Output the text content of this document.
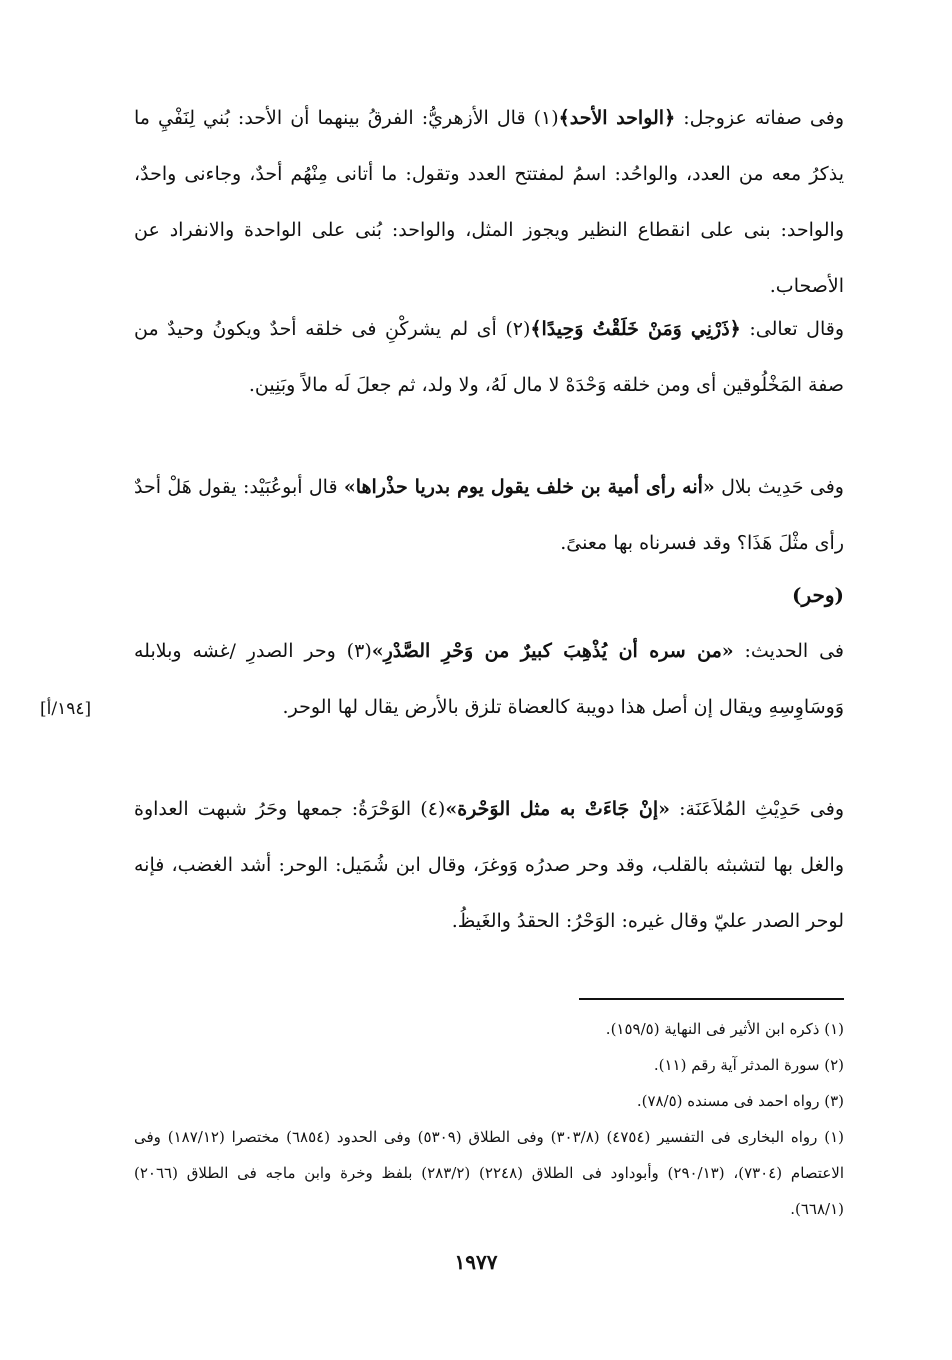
وفى صفاته عزوجل: ﴿الواحد الأحد﴾(١) قال الأزهريُّ: الفرقُ بينهما أن الأحد: بُني لِنَفْيِ ما يذكرُ معه من العدد، والواحُد: اسمُ لمفتتح العدد وتقول: ما أتانى مِنْهُم أحدٌ، وجاءنى واحدٌ، والواحد: بنى على انقطاع النظير ويجوز المثل، والواحد: بُنى على الواحدة والانفراد عن الأصحاب.

وقال تعالى: ﴿ذَرْنِي وَمَنْ خَلَقْتُ وَحِيدًا﴾(٢) أى لم يشركْنِ فى خلقه أحدٌ ويكونُ وحيدٌ من صفة المَخْلُوقين أى ومن خلقه وَحْدَهْ لا مال لَهُ، ولا ولد، ثم جعلَ لَه مالاً وبَنِين.

وفى حَدِيث بلال «أنه رأى أمية بن خلف يقول يوم بدريا حذْراها» قال أبوعُبَيْد: يقول هَلْ أحدٌ رأى مثْلَ هَذَا؟ وقد فسرناه بها معنىً.

(وحر)

فى الحديث: «من سره أن يُذْهِبَ كبيرٌ من وَحْرِ الصَّدْرِ»(٣) وحر الصدرِ /غشه وبلابله وَوسَاوِسِهِ ويقال إن أصل هذا دويبة كالعضاة تلزق بالأرض يقال لها الوحر.

[١٩٤/أ]

وفى حَدِيْثِ المُلاَعَنَة: «إنْ جَاءَتْ به مثل الوَحْرة»(٤) الوَحْرَةُ: جمعها وحَرُ شبهت العداوة والغل بها لتشبثه بالقلب، وقد وحر صدرُه وَوغرَ، وقال ابن شُمَيل: الوحر: أشد الغضب، فإنه لوحر الصدر عليّ وقال غيره: الوَحْرُ: الحقدُ والغَيظُ.

(١) ذكره ابن الأثير فى النهاية (١٥٩/٥).

(٢) سورة المدثر آية رقم (١١).

(٣) رواه احمد فى مسنده (٧٨/٥).

(١) رواه البخارى فى التفسير (٤٧٥٤) (٣٠٣/٨) وفى الطلاق (٥٣٠٩) وفى الحدود (٦٨٥٤) مختصرا (١٨٧/١٢) وفى الاعتصام (٧٣٠٤)، (٢٩٠/١٣) وأبوداود فى الطلاق (٢٢٤٨) (٢٨٣/٢) بلفظ وخرة وابن ماجه فى الطلاق (٢٠٦٦) (٦٦٨/١).

١٩٧٧
